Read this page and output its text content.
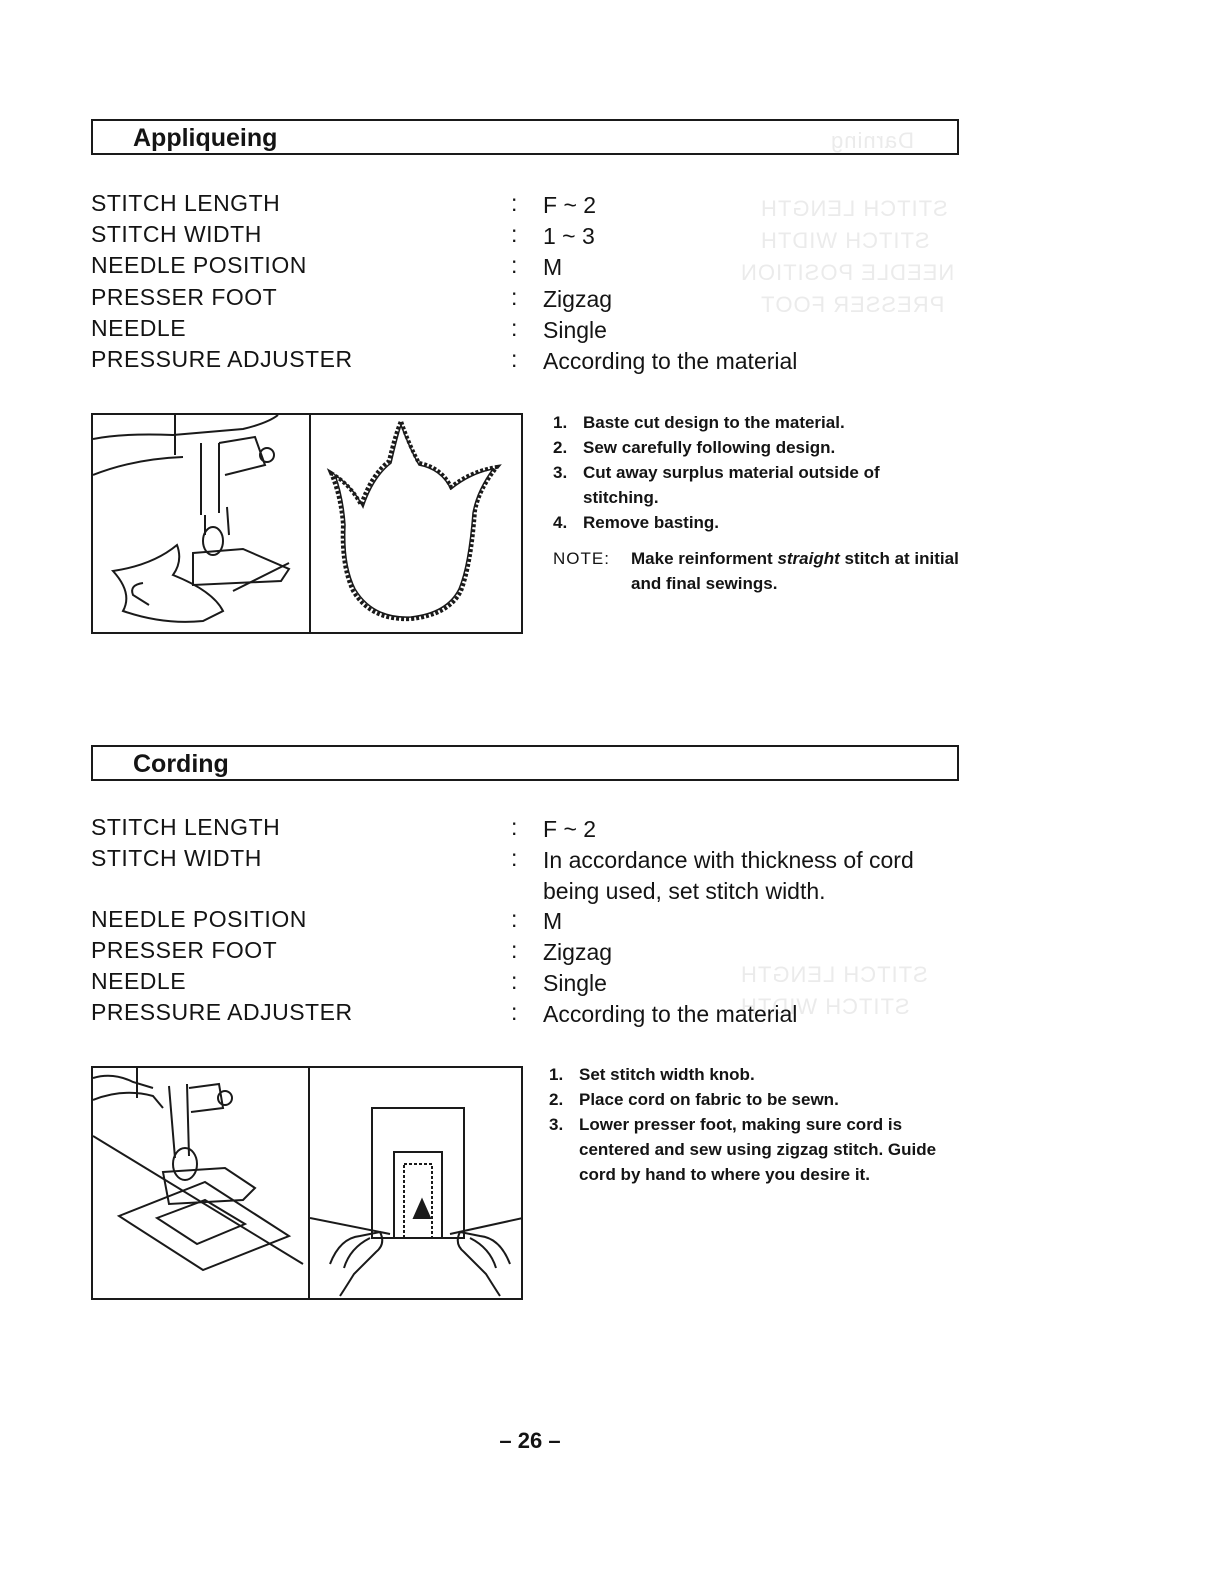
Darning
STITCH LENGTH
STITCH WIDTH
NEEDLE POSITION
PRESSER FOOT
STITCH LENGTH
STITCH WIDTH
Appliqueing
STITCH LENGTH	: F ~ 2
STITCH WIDTH	: 1 ~ 3
NEEDLE POSITION	: M
PRESSER FOOT	: Zigzag
NEEDLE	: Single
PRESSURE ADJUSTER	: According to the material
1. Baste cut design to the material.
2. Sew carefully following design.
3. Cut away surplus material outside of stitching.
4. Remove basting.
NOTE: Make reinforment straight stitch at initial and final sewings.
Cording
STITCH LENGTH	: F ~ 2
STITCH WIDTH	: In accordance with thickness of cord being used, set stitch width.
NEEDLE POSITION	: M
PRESSER FOOT	: Zigzag
NEEDLE	: Single
PRESSURE ADJUSTER	: According to the material
1. Set stitch width knob.
2. Place cord on fabric to be sewn.
3. Lower presser foot, making sure cord is centered and sew using zigzag stitch. Guide cord by hand to where you desire it.
– 26 –
